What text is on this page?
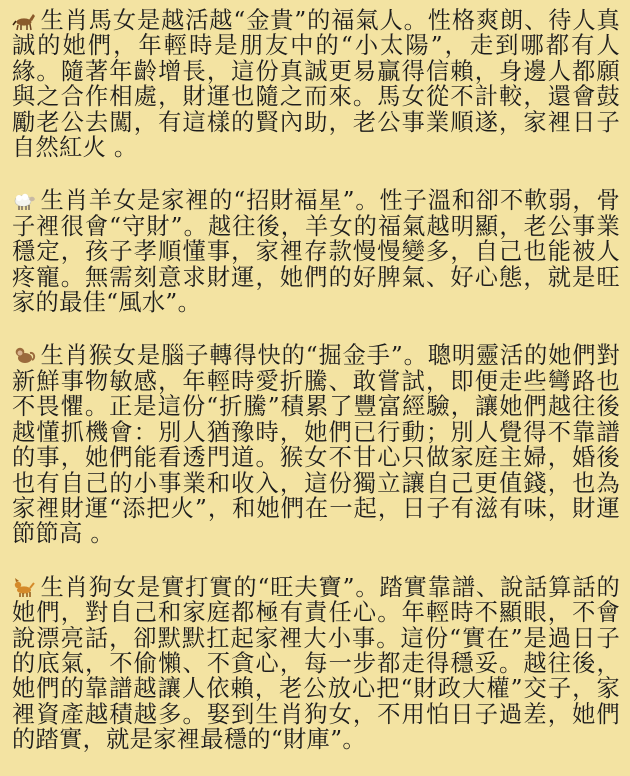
生肖馬女是越活越“金貴”的福氣人。性格爽朗、待人真誠的她們，年輕時是朋友中的“小太陽”，走到哪都有人緣。隨著年齡增長，這份真誠更易贏得信賴，身邊人都願與之合作相處，財運也隨之而來。馬女從不計較，還會鼓勵老公去闖，有這樣的賢內助，老公事業順遂，家裡日子自然紅火 。

生肖羊女是家裡的“招財福星”。性子溫和卻不軟弱，骨子裡很會“守財”。越往後，羊女的福氣越明顯，老公事業穩定，孩子孝順懂事，家裡存款慢慢變多，自己也能被人疼寵。無需刻意求財運，她們的好脾氣、好心態，就是旺家的最佳“風水”。

生肖猴女是腦子轉得快的“掘金手”。聰明靈活的她們對新鮮事物敏感，年輕時愛折騰、敢嘗試，即便走些彎路也不畏懼。正是這份“折騰”積累了豐富經驗，讓她們越往後越懂抓機會：別人猶豫時，她們已行動；別人覺得不靠譜的事，她們能看透門道。猴女不甘心只做家庭主婦，婚後也有自己的小事業和收入，這份獨立讓自己更值錢，也為家裡財運“添把火”，和她們在一起，日子有滋有味，財運節節高 。

生肖狗女是實打實的“旺夫寶”。踏實靠譜、說話算話的她們，對自己和家庭都極有責任心。年輕時不顯眼，不會說漂亮話，卻默默扛起家裡大小事。這份“實在”是過日子的底氣，不偷懶、不貪心，每一步都走得穩妥。越往後，她們的靠譜越讓人依賴，老公放心把“財政大權”交子，家裡資產越積越多。娶到生肖狗女，不用怕日子過差，她們的踏實，就是家裡最穩的“財庫”。
